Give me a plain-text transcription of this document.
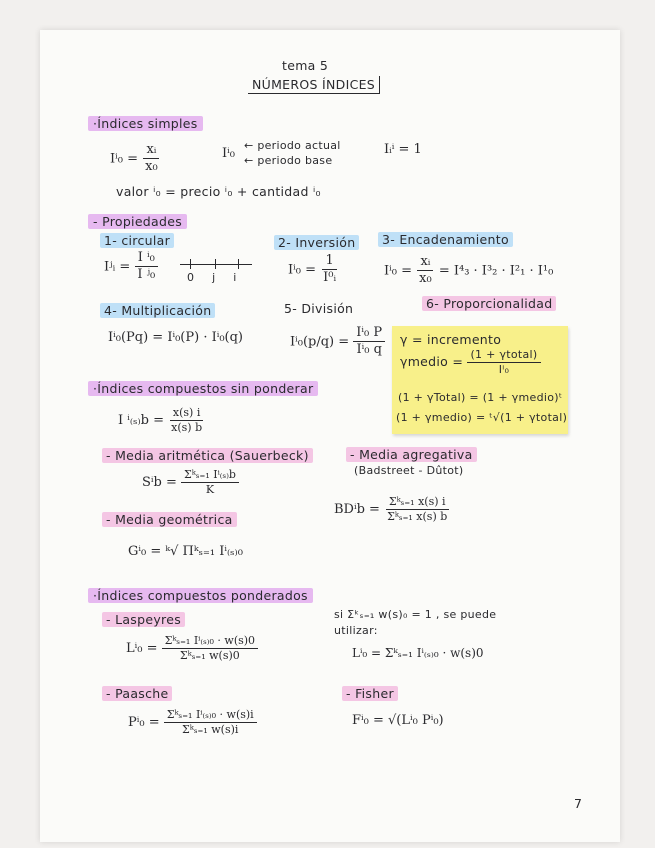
tema 5
NÚMEROS ÍNDICES
·Índices simples
$I^i_0 = \frac{\text{xᵢ}}{\text{x₀}}$	Iⁱ₀
← periodo actual
← periodo base
Iᵢⁱ = 1
valor ⁱ₀ = precio ⁱ₀ + cantidad ⁱ₀
- Propiedades
1- circular
Iʲᵢ = $\frac{\text{I ⁱ₀}}{\text{I ʲ₀}}$	0 j i
2- Inversión
$I^i_0 = \frac{1}{\text{I⁰ᵢ}}$
3- Encadenamiento
$I^i_0 = \frac{\text{xᵢ}}{\text{x₀}} = I^4_3 \cdot I^3_2 \cdot I^2_1 \cdot I^1_0$
4- Multiplicación
Iⁱ₀(Pq) = Iⁱ₀(P) · Iⁱ₀(q)
5- División
$I^i_0(p/q) = \frac{\text{Iⁱ₀ P}}{\text{Iⁱ₀ q}}$
6- Proporcionalidad
γ = incremento
γmedio = $\frac{\text{(1 + γtotal)}}{\text{Iⁱ₀}}$
(1 + γTotal) = (1 + γmedio)ᵗ
(1 + γmedio) = ᵗ√(1 + γtotal)
·Índices compuestos sin ponderar
I $^i_{(s)}b = \frac{x(s) i}{x(s) b}$
- Media aritmética (Sauerbeck)
$S^ib = \frac{\text{Σᵏₛ₌₁ Iⁱ₍ₛ₎b}}{K}$
- Media agregativa
(Badstreet - Dûtot)
$BD^ib = \frac{\text{Σᵏₛ₌₁ x(s) i}}{\text{Σᵏₛ₌₁ x(s) b}}$
- Media geométrica
Gⁱ₀ = ᵏ√ Πᵏₛ₌₁ Iⁱ₍ₛ₎₀
·Índices compuestos ponderados
- Laspeyres
$L^i_0 = \frac{\text{Σᵏₛ₌₁ Iⁱ₍ₛ₎₀ · w(s)0}}{\text{Σᵏₛ₌₁ w(s)0}}$
si Σᵏₛ₌₁ w(s)₀ = 1 , se puede
utilizar:
Lⁱ₀ = Σᵏₛ₌₁ Iⁱ₍ₛ₎₀ · w(s)0
- Paasche
$P^i_0 = \frac{\text{Σᵏₛ₌₁ Iⁱ₍ₛ₎₀ · w(s)i}}{\text{Σᵏₛ₌₁ w(s)i}}$
- Fisher
Fⁱ₀ = √(Lⁱ₀ Pⁱ₀)
7
